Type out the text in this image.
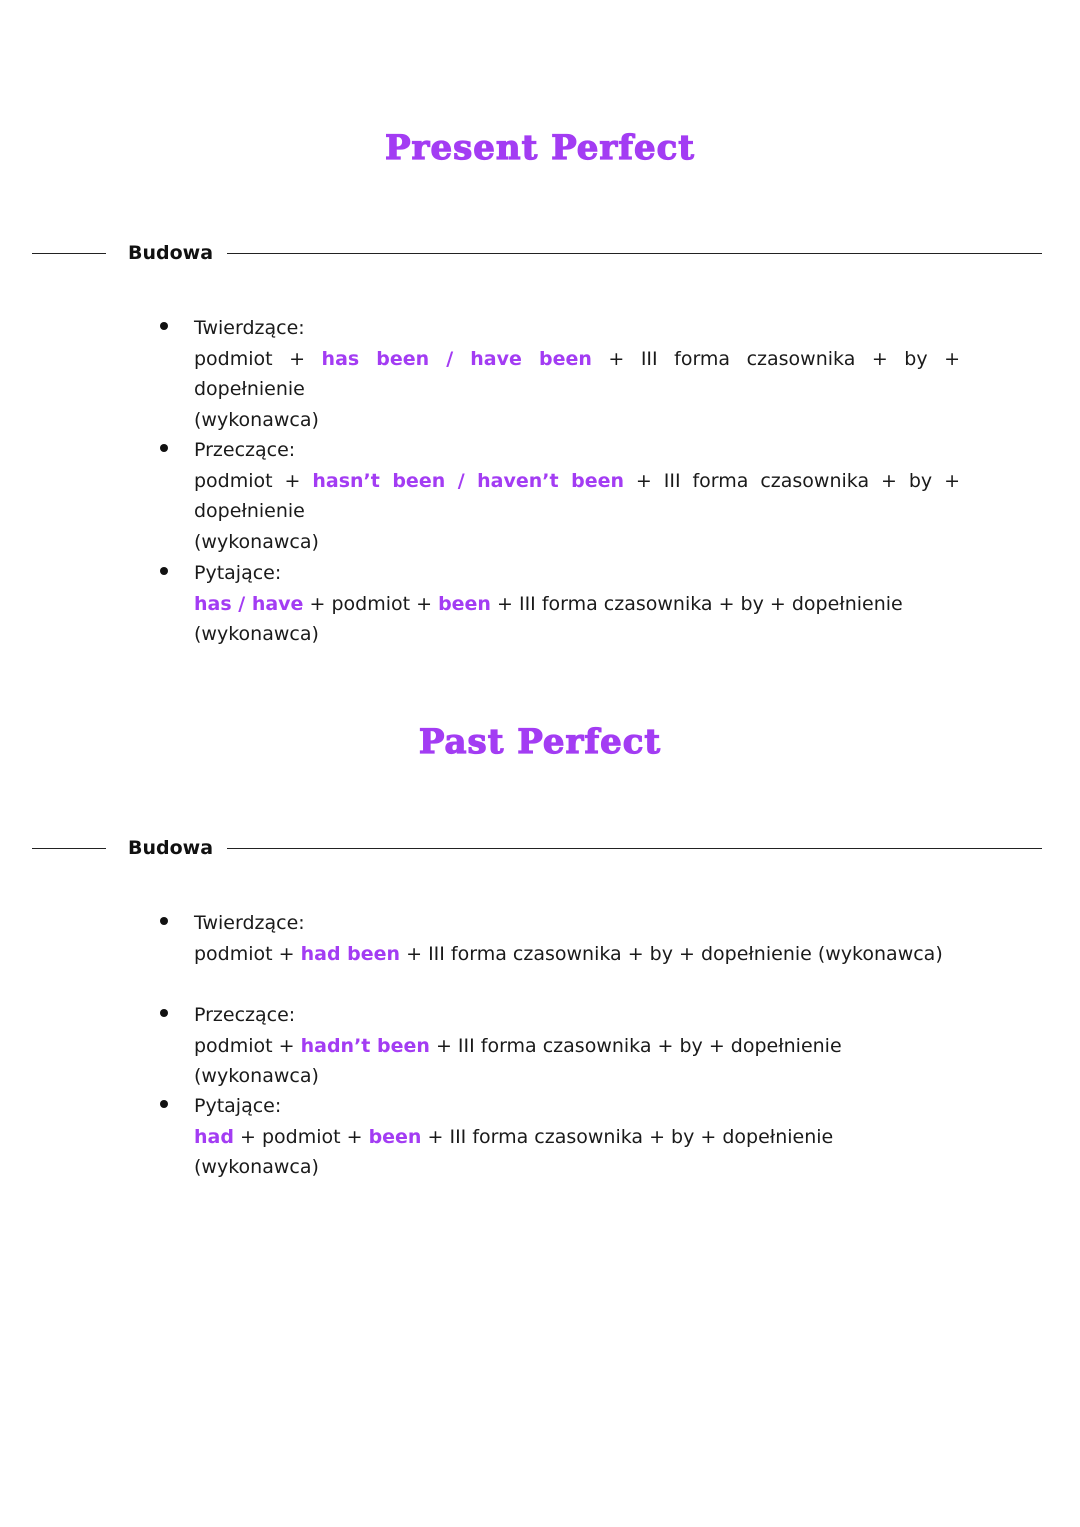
Present Perfect
Budowa
Twierdzące:
podmiot + has been / have been + III forma czasownika + by + dopełnienie
(wykonawca)
Przeczące:
podmiot + hasn’t been / haven’t been + III forma czasownika + by + dopełnienie
(wykonawca)
Pytające:
has / have + podmiot + been + III forma czasownika + by + dopełnienie (wykonawca)
Past Perfect
Budowa
Twierdzące:
podmiot + had been + III forma czasownika + by + dopełnienie (wykonawca)
Przeczące:
podmiot + hadn’t been + III forma czasownika + by + dopełnienie (wykonawca)
Pytające:
had + podmiot + been + III forma czasownika + by + dopełnienie (wykonawca)
